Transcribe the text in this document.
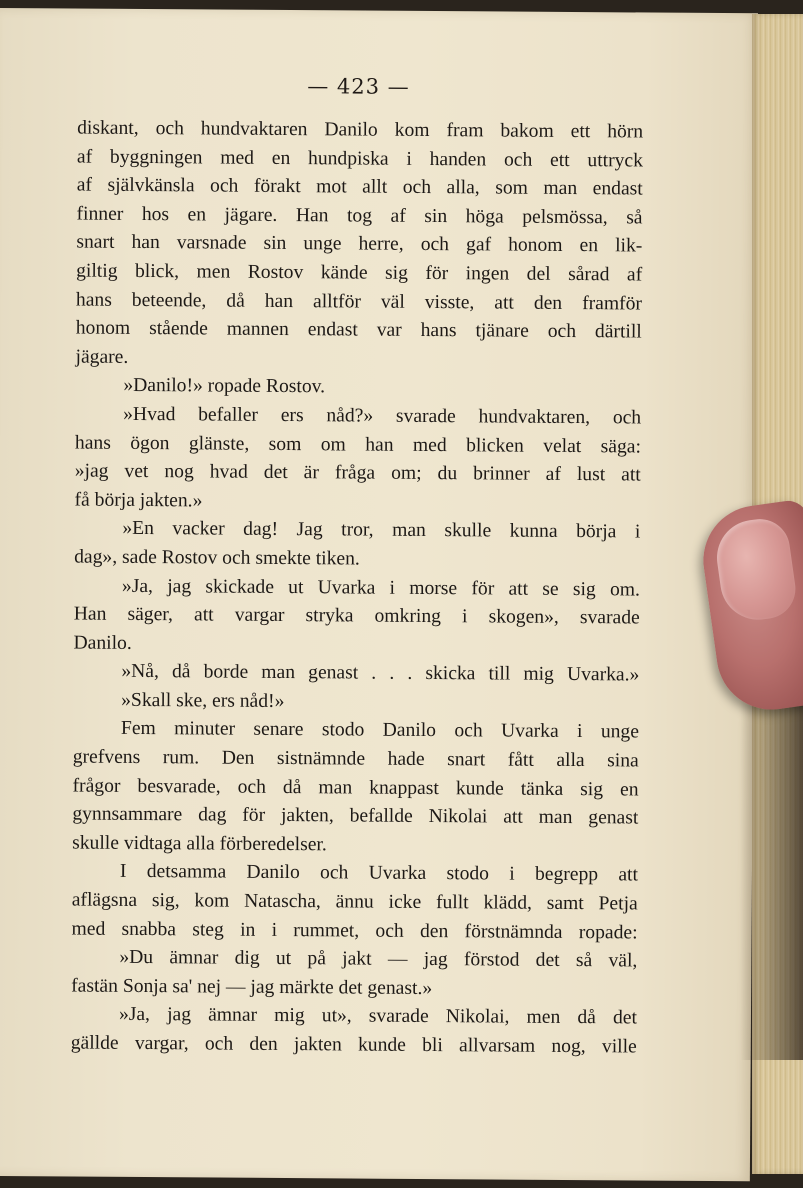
— 423 —
diskant, och hundvaktaren Danilo kom fram bakom ett hörn
af byggningen med en hundpiska i handen och ett uttryck
af självkänsla och förakt mot allt och alla, som man endast
finner hos en jägare. Han tog af sin höga pelsmössa, så
snart han varsnade sin unge herre, och gaf honom en lik-
giltig blick, men Rostov kände sig för ingen del sårad af
hans beteende, då han alltför väl visste, att den framför
honom stående mannen endast var hans tjänare och därtill
jägare.
»Danilo!» ropade Rostov.
»Hvad befaller ers nåd?» svarade hundvaktaren, och
hans ögon glänste, som om han med blicken velat säga:
»jag vet nog hvad det är fråga om; du brinner af lust att
få börja jakten.»
»En vacker dag! Jag tror, man skulle kunna börja i
dag», sade Rostov och smekte tiken.
»Ja, jag skickade ut Uvarka i morse för att se sig om.
Han säger, att vargar stryka omkring i skogen», svarade
Danilo.
»Nå, då borde man genast . . . skicka till mig Uvarka.»
»Skall ske, ers nåd!»
Fem minuter senare stodo Danilo och Uvarka i unge
grefvens rum. Den sistnämnde hade snart fått alla sina
frågor besvarade, och då man knappast kunde tänka sig en
gynnsammare dag för jakten, befallde Nikolai att man genast
skulle vidtaga alla förberedelser.
I detsamma Danilo och Uvarka stodo i begrepp att
aflägsna sig, kom Natascha, ännu icke fullt klädd, samt Petja
med snabba steg in i rummet, och den förstnämnda ropade:
»Du ämnar dig ut på jakt — jag förstod det så väl,
fastän Sonja sa' nej — jag märkte det genast.»
»Ja, jag ämnar mig ut», svarade Nikolai, men då det
gällde vargar, och den jakten kunde bli allvarsam nog, ville
